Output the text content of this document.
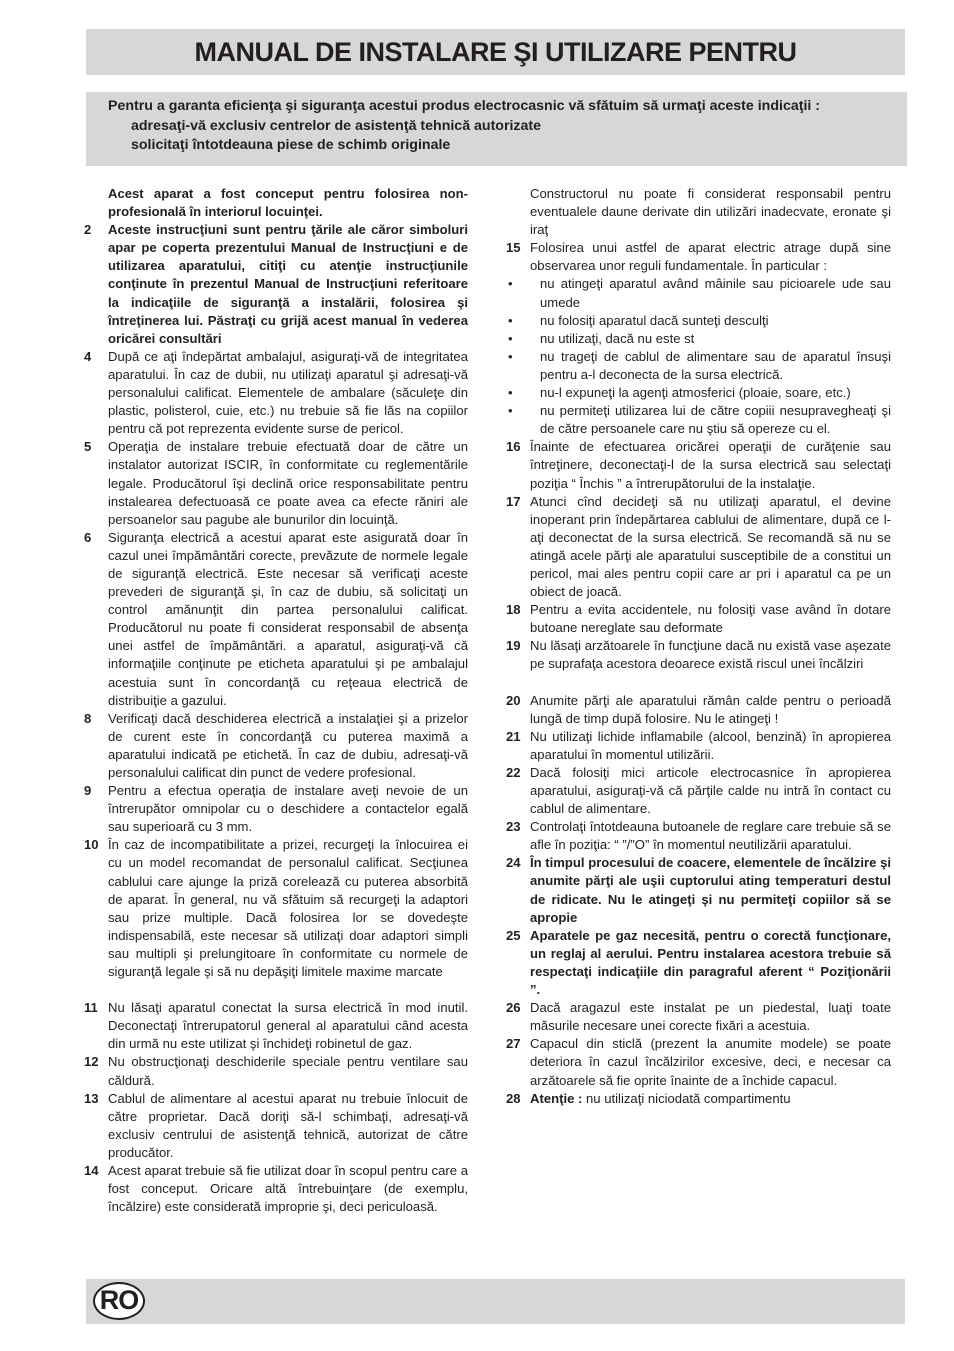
MANUAL DE INSTALARE ŞI UTILIZARE PENTRU
Pentru a garanta eficienţa şi siguranţa acestui produs electrocasnic vă sfătuim să urmaţi aceste indicaţii :
adresaţi-vă exclusiv centrelor de asistenţă tehnică autorizate
solicitaţi întotdeauna piese de schimb originale
Acest aparat a fost conceput pentru folosirea non-profesională în interiorul locuinţei.
2 Aceste instrucţiuni sunt pentru ţările ale căror simboluri apar pe coperta prezentului Manual de Instrucţiuni e de utilizarea aparatului, citiţi cu atenţie instrucţiunile conţinute în prezentul Manual de Instrucţiuni referitoare la indicaţiile de siguranţă a instalării, folosirea şi întreţinerea lui. Păstraţi cu grijă acest manual în vederea oricărei consultări
4 După ce aţi îndepărtat ambalajul, asiguraţi-vă de integritatea aparatului. În caz de dubii, nu utilizaţi aparatul şi adresaţi-vă personalului calificat. Elementele de ambalare (săculeţe din plastic, polisterol, cuie, etc.) nu trebuie să fie lăs na copiilor pentru că pot reprezenta evidente surse de pericol.
5 Operaţia de instalare trebuie efectuată doar de către un instalator autorizat ISCIR, în conformitate cu reglementările legale. Producătorul îşi declină orice responsabilitate pentru instalearea defectuoasă ce poate avea ca efecte răniri ale persoanelor sau pagube ale bunurilor din locuinţă.
6 Siguranţa electrică a acestui aparat este asigurată doar în cazul unei împământări corecte, prevăzute de normele legale de siguranţă electrică. Este necesar să verificaţi aceste prevederi de siguranţă şi, în caz de dubiu, să solicitaţi un control amănunţit din partea personalului calificat. Producătorul nu poate fi considerat responsabil de absenţa unei astfel de împământări. a aparatul, asiguraţi-vă că informaţiile conţinute pe eticheta aparatului şi pe ambalajul acestuia sunt în concordanţă cu reţeaua electrică de distribuiţie a gazului.
8 Verificaţi dacă deschiderea electrică a instalaţiei şi a prizelor de curent este în concordanţă cu puterea maximă a aparatului indicată pe etichetă. În caz de dubiu, adresaţi-vă personalului calificat din punct de vedere profesional.
9 Pentru a efectua operaţia de instalare aveţi nevoie de un întrerupător omnipolar cu o deschidere a contactelor egală sau superioară cu 3 mm.
10 În caz de incompatibilitate a prizei, recurgeţi la înlocuirea ei cu un model recomandat de personalul calificat. Secţiunea cablului care ajunge la priză corelează cu puterea absorbită de aparat. În general, nu vă sfătuim să recurgeţi la adaptori sau prize multiple. Dacă folosirea lor se dovedeşte indispensabilă, este necesar să utilizaţi doar adaptori simpli sau multipli şi prelungitoare în conformitate cu normele de siguranţă legale şi să nu depăşiţi limitele maxime marcate
11 Nu lăsaţi aparatul conectat la sursa electrică în mod inutil. Deconectaţi întrerupatorul general al aparatului când acesta din urmă nu este utilizat şi închideţi robinetul de gaz.
12 Nu obstrucţionaţi deschiderile speciale pentru ventilare sau căldură.
13 Cablul de alimentare al acestui aparat nu trebuie înlocuit de către proprietar. Dacă doriţi să-l schimbaţi, adresaţi-vă exclusiv centrului de asistenţă tehnică, autorizat de către producător.
14 Acest aparat trebuie să fie utilizat doar în scopul pentru care a fost conceput. Oricare altă întrebuinţare (de exemplu, încălzire) este considerată improprie şi, deci periculoasă.
Constructorul nu poate fi considerat responsabil pentru eventualele daune derivate din utilizări inadecvate, eronate şi iraţ
15 Folosirea unui astfel de aparat electric atrage după sine observarea unor reguli fundamentale. În particular :
• nu atingeţi aparatul având mâinile sau picioarele ude sau umede
• nu folosiţi aparatul dacă sunteţi desculţi
• nu utilizaţi, dacă nu este st
• nu trageţi de cablul de alimentare sau de aparatul însuşi pentru a-l deconecta de la sursa electrică.
• nu-l expuneţi la agenţi atmosferici (ploaie, soare, etc.)
• nu permiteţi utilizarea lui de către copiii nesupravegheaţi şi de către persoanele care nu ştiu să opereze cu el.
16 Înainte de efectuarea oricărei operaţii de curăţenie sau întreţinere, deconectaţi-l de la sursa electrică sau selectaţi poziţia “ Închis ” a întrerupătorului de la instalaţie.
17 Atunci cînd decideţi să nu utilizaţi aparatul, el devine inoperant prin îndepărtarea cablului de alimentare, după ce l-aţi deconectat de la sursa electrică. Se recomandă să nu se atingă acele părţi ale aparatului susceptibile de a constitui un pericol, mai ales pentru copii care ar pri i aparatul ca pe un obiect de joacă.
18 Pentru a evita accidentele, nu folosiţi vase având în dotare butoane nereglate sau deformate
19 Nu lăsaţi arzătoarele în funcţiune dacă nu există vase aşezate pe suprafaţa acestora deoarece există riscul unei încălziri
20 Anumite părţi ale aparatului rămân calde pentru o perioadă lungă de timp după folosire. Nu le atingeţi !
21 Nu utilizaţi lichide inflamabile (alcool, benzină) în apropierea aparatului în momentul utilizării.
22 Dacă folosiţi mici articole electrocasnice în apropierea aparatului, asiguraţi-vă că părţile calde nu intră în contact cu cablul de alimentare.
23 Controlaţi întotdeauna butoanele de reglare care trebuie să se afle în poziţia: “ ”/”O” în momentul neutilizării aparatului.
24 În timpul procesului de coacere, elementele de încălzire şi anumite părţi ale uşii cuptorului ating temperaturi destul de ridicate. Nu le atingeţi şi nu permiteţi copiilor să se apropie
25 Aparatele pe gaz necesită, pentru o corectă funcţionare, un reglaj al aerului. Pentru instalarea acestora trebuie să respectaţi indicaţiile din paragraful aferent “ Poziţionării ”.
26 Dacă aragazul este instalat pe un piedestal, luaţi toate măsurile necesare unei corecte fixări a acestuia.
27 Capacul din sticlă (prezent la anumite modele) se poate deteriora în cazul încălzirilor excesive, deci, e necesar ca arzătoarele să fie oprite înainte de a închide capacul.
28 Atenţie : nu utilizaţi niciodată compartimentu
RO
